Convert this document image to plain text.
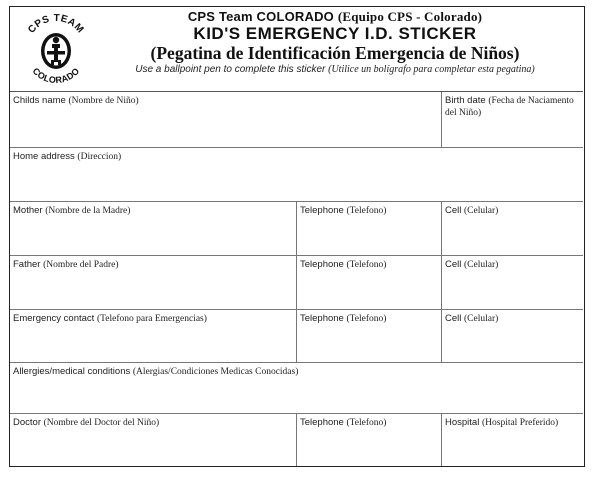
CPS TEAM
COLORADO
CPS Team COLORADO (Equipo CPS - Colorado)
KID'S EMERGENCY I.D. STICKER
(Pegatina de Identificación Emergencia de Niños)
Use a ballpoint pen to complete this sticker (Utilice un bolígrafo para completar esta pegatina)
Childs name (Nombre de Niño)	Birth date (Fecha de Naciamento del Niño)
Home address (Direccion)
Mother (Nombre de la Madre)	Telephone (Telefono)	Cell (Celular)
Father (Nombre del Padre)	Telephone (Telefono)	Cell (Celular)
Emergency contact (Telefono para Emergencias)	Telephone (Telefono)	Cell (Celular)
Allergies/medical conditions (Alergias/Condiciones Medicas Conocidas)
Doctor (Nombre del Doctor del Niño)	Telephone (Telefono)	Hospital (Hospital Preferido)
